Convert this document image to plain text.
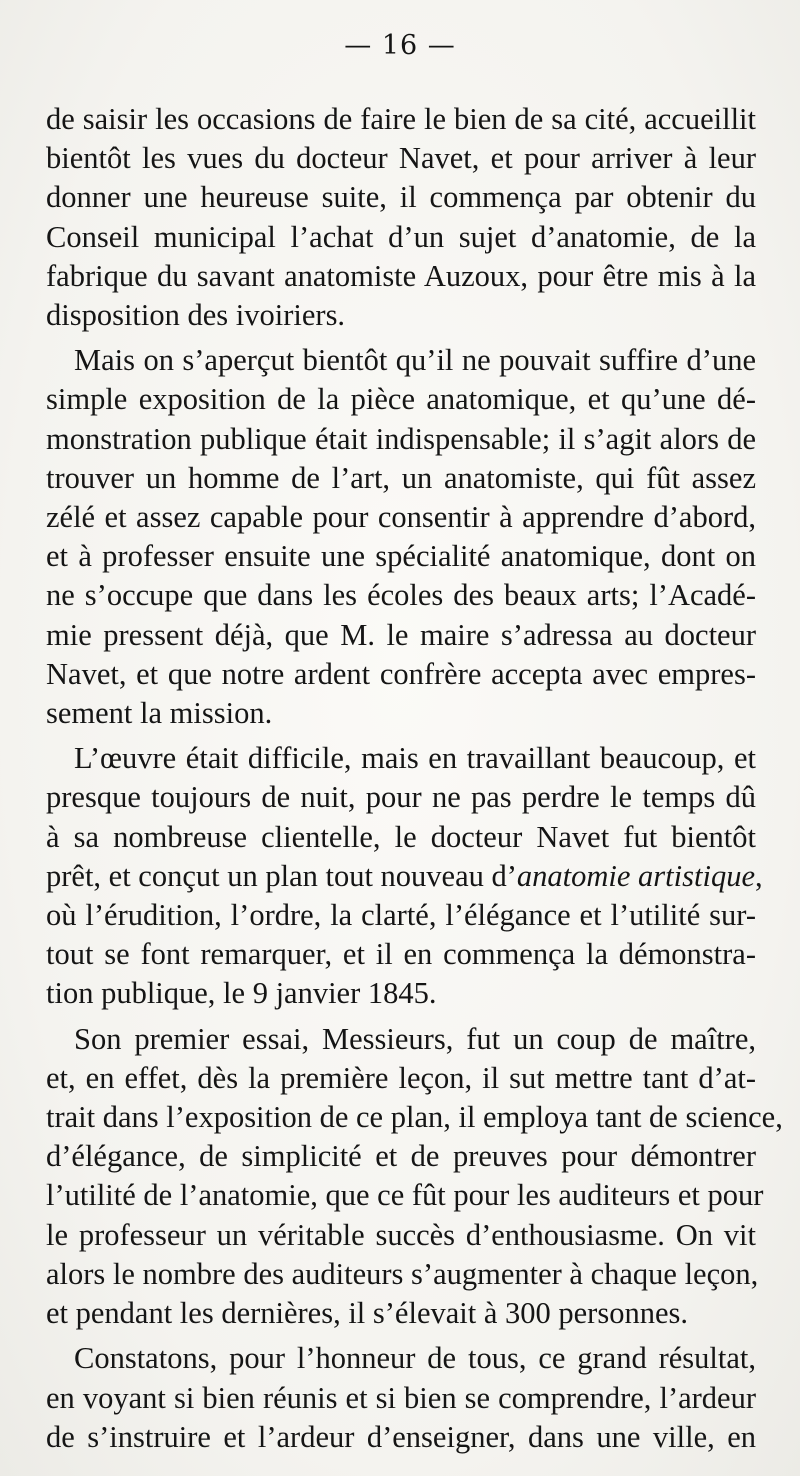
— 16 —
de saisir les occasions de faire le bien de sa cité, accueillit
bientôt les vues du docteur Navet, et pour arriver à leur
donner une heureuse suite, il commença par obtenir du
Conseil municipal l’achat d’un sujet d’anatomie, de la
fabrique du savant anatomiste Auzoux, pour être mis à la
disposition des ivoiriers.
Mais on s’aperçut bientôt qu’il ne pouvait suffire d’une
simple exposition de la pièce anatomique, et qu’une dé-
monstration publique était indispensable; il s’agit alors de
trouver un homme de l’art, un anatomiste, qui fût assez
zélé et assez capable pour consentir à apprendre d’abord,
et à professer ensuite une spécialité anatomique, dont on
ne s’occupe que dans les écoles des beaux arts; l’Acadé-
mie pressent déjà, que M. le maire s’adressa au docteur
Navet, et que notre ardent confrère accepta avec empres-
sement la mission.
L’œuvre était difficile, mais en travaillant beaucoup, et
presque toujours de nuit, pour ne pas perdre le temps dû
à sa nombreuse clientelle, le docteur Navet fut bientôt
prêt, et conçut un plan tout nouveau d’anatomie artistique,
où l’érudition, l’ordre, la clarté, l’élégance et l’utilité sur-
tout se font remarquer, et il en commença la démonstra-
tion publique, le 9 janvier 1845.
Son premier essai, Messieurs, fut un coup de maître,
et, en effet, dès la première leçon, il sut mettre tant d’at-
trait dans l’exposition de ce plan, il employa tant de science,
d’élégance, de simplicité et de preuves pour démontrer
l’utilité de l’anatomie, que ce fût pour les auditeurs et pour
le professeur un véritable succès d’enthousiasme. On vit
alors le nombre des auditeurs s’augmenter à chaque leçon,
et pendant les dernières, il s’élevait à 300 personnes.
Constatons, pour l’honneur de tous, ce grand résultat,
en voyant si bien réunis et si bien se comprendre, l’ardeur
de s’instruire et l’ardeur d’enseigner, dans une ville, en
